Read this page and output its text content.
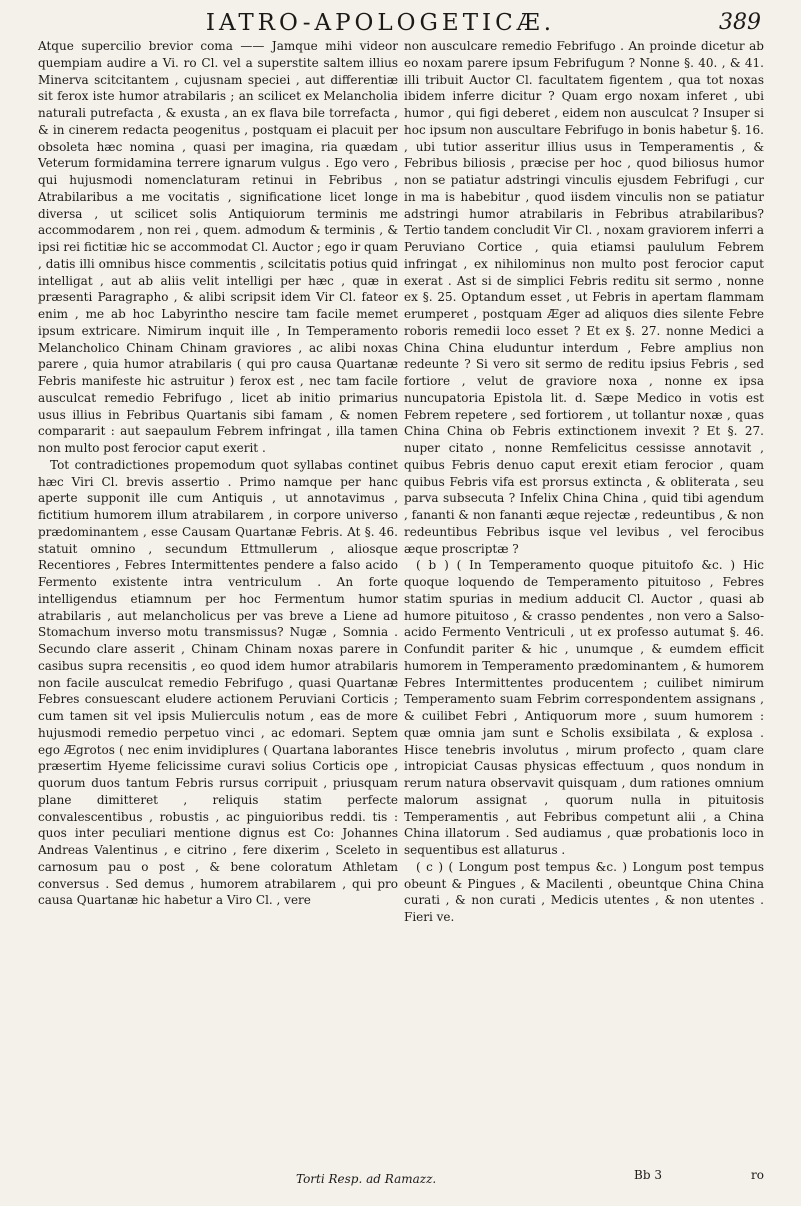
IATRO-APOLOGETICÆ.	389

Atque supercilio brevior coma —— Jamque mihi videor quempiam audire a Vi. ro Cl. vel a superstite saltem illius Minerva scitcitantem , cujusnam speciei , aut differentiæ sit ferox iste humor atrabilaris ; an scilicet ex Melancholia naturali putrefacta , & exusta , an ex flava bile torrefacta , & in cinerem redacta peogenitus , postquam ei placuit per obsoleta hæc nomina , quasi per imagina, ria quædam Veterum formidamina terrere ignarum vulgus . Ego vero , qui hujusmodi nomenclaturam retinui in Febribus , Atrabilaribus a me vocitatis , significatione licet longe diversa , ut scilicet solis Antiquiorum terminis me accommodarem , non rei , quem. admodum & terminis , & ipsi rei fictitiæ hic se accommodat Cl. Auctor ; ego ir quam , datis illi omnibus hisce commentis , scilcitatis potius quid intelligat , aut ab aliis velit intelligi per hæc , quæ in præsenti Paragrapho , & alibi scripsit idem Vir Cl. fateor enim , me ab hoc Labyrintho nescire tam facile memet ipsum extricare. Nimirum inquit ille , In Temperamento Melancholico Chinam Chinam graviores , ac alibi noxas parere , quia humor atrabilaris ( qui pro causa Quartanæ Febris manifeste hic astruitur ) ferox est , nec tam facile ausculcat remedio Febrifugo , licet ab initio primarius usus illius in Febribus Quartanis sibi famam , & nomen compararit : aut saepaulum Febrem infringat , illa tamen non multo post ferocior caput exerit .

Tot contradictiones propemodum quot syllabas continet hæc Viri Cl. brevis assertio . Primo namque per hanc aperte supponit ille cum Antiquis , ut annotavimus , fictitium humorem illum atrabilarem , in corpore universo prædominantem , esse Causam Quartanæ Febris. At §. 46. statuit omnino , secundum Ettmullerum , aliosque Recentiores , Febres Intermittentes pendere a falso acido Fermento existente intra ventriculum . An forte intelligendus etiamnum per hoc Fermentum humor atrabilaris , aut melancholicus per vas breve a Liene ad Stomachum inverso motu transmissus? Nugæ , Somnia . Secundo clare asserit , Chinam Chinam noxas parere in casibus supra recensitis , eo quod idem humor atrabilaris non facile ausculcat remedio Febrifugo , quasi Quartanæ Febres consuescant eludere actionem Peruviani Corticis ; cum tamen sit vel ipsis Mulierculis notum , eas de more hujusmodi remedio perpetuo vinci , ac edomari. Septem ego Ægrotos ( nec enim invidiplures ( Quartana laborantes præsertim Hyeme felicissime curavi solius Corticis ope , quorum duos tantum Febris rursus corripuit , priusquam plane dimitteret , reliquis statim perfecte convalescentibus , robustis , ac pinguioribus reddi. tis : quos inter peculiari mentione dignus est Co: Johannes Andreas Valentinus , e citrino , fere dixerim , Sceleto in carnosum pau o post , & bene coloratum Athletam conversus . Sed demus , humorem atrabilarem , qui pro causa Quartanæ hic habetur a Viro Cl. , vere

non ausculcare remedio Febrifugo . An proinde dicetur ab eo noxam parere ipsum Febrifugum ? Nonne §. 40. , & 41. illi tribuit Auctor Cl. facultatem figentem , qua tot noxas ibidem inferre dicitur ? Quam ergo noxam inferet , ubi humor , qui figi deberet , eidem non ausculcat ? Insuper si hoc ipsum non auscultare Febrifugo in bonis habetur §. 16. , ubi tutior asseritur illius usus in Temperamentis , & Febribus biliosis , præcise per hoc , quod biliosus humor non se patiatur adstringi vinculis ejusdem Febrifugi , cur in ma is habebitur , quod iisdem vinculis non se patiatur adstringi humor atrabilaris in Febribus atrabilaribus? Tertio tandem concludit Vir Cl. , noxam graviorem inferri a Peruviano Cortice , quia etiamsi paululum Febrem infringat , ex nihilominus non multo post ferocior caput exerat . Ast si de simplici Febris reditu sit sermo , nonne ex §. 25. Optandum esset , ut Febris in apertam flammam erumperet , postquam Æger ad aliquos dies silente Febre roboris remedii loco esset ? Et ex §. 27. nonne Medici a China China eluduntur interdum , Febre amplius non redeunte ? Si vero sit sermo de reditu ipsius Febris , sed fortiore , velut de graviore noxa , nonne ex ipsa nuncupatoria Epistola lit. d. Sæpe Medico in votis est Febrem repetere , sed fortiorem , ut tollantur noxæ , quas China China ob Febris extinctionem invexit ? Et §. 27. nuper citato , nonne Remfelicitus cessisse annotavit , quibus Febris denuo caput erexit etiam ferocior , quam quibus Febris vifa est prorsus extincta , & obliterata , seu parva subsecuta ? Infelix China China , quid tibi agendum , fananti & non fananti æque rejectæ , redeuntibus , & non redeuntibus Febribus isque vel levibus , vel ferocibus æque proscriptæ ?

( b ) ( In Temperamento quoque pituitofo &c. ) Hic quoque loquendo de Temperamento pituitoso , Febres statim spurias in medium adducit Cl. Auctor , quasi ab humore pituitoso , & crasso pendentes , non vero a Salso-acido Fermento Ventriculi , ut ex professo autumat §. 46. Confundit pariter & hic , unumque , & eumdem efficit humorem in Temperamento prædominantem , & humorem Febres Intermittentes producentem ; cuilibet nimirum Temperamento suam Febrim correspondentem assignans , & cuilibet Febri , Antiquorum more , suum humorem : quæ omnia jam sunt e Scholis exsibilata , & explosa . Hisce tenebris involutus , mirum profecto , quam clare intropiciat Causas physicas effectuum , quos nondum in rerum natura observavit quisquam , dum rationes omnium malorum assignat , quorum nulla in pituitosis Temperamentis , aut Febribus competunt alii , a China China illatorum . Sed audiamus , quæ probationis loco in sequentibus est allaturus .

( c ) ( Longum post tempus &c. ) Longum post tempus obeunt & Pingues , & Macilenti , obeuntque China China curati , & non curati , Medicis utentes , & non utentes . Fieri ve.

Torti Resp. ad Ramazz.	Bb 3	ro
